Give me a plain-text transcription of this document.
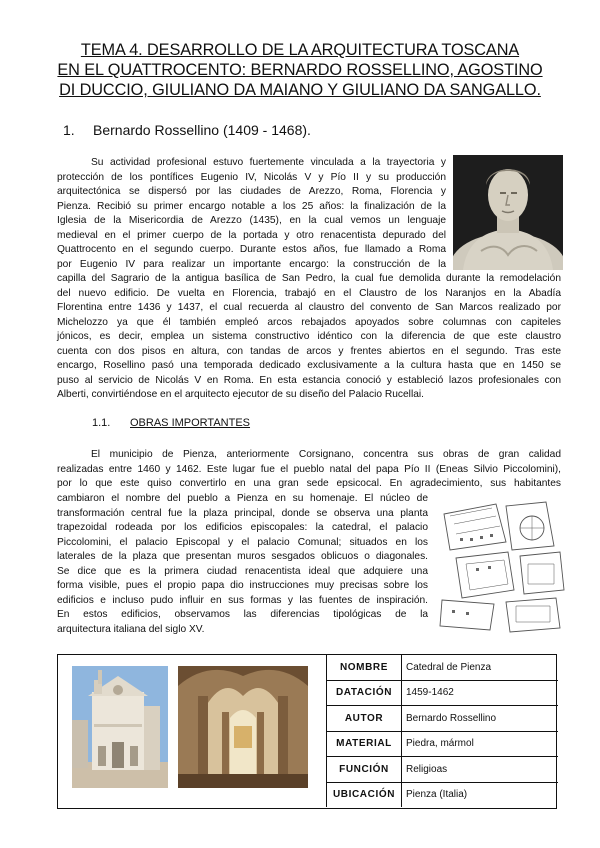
TEMA 4. DESARROLLO DE LA ARQUITECTURA TOSCANA
EN EL QUATTROCENTO: BERNARDO ROSSELLINO, AGOSTINO
DI DUCCIO, GIULIANO DA MAIANO Y GIULIANO DA SANGALLO.
1. Bernardo Rossellino (1409 - 1468).

Su actividad profesional estuvo fuertemente vinculada a la trayectoria y
protección de los pontífices Eugenio IV, Nicolás V y Pío II y su producción
arquitectónica se dispersó por las ciudades de Arezzo, Roma, Florencia y
Pienza. Recibió su primer encargo notable a los 25 años: la finalización de la
Iglesia de la Misericordia de Arezzo (1435), en la cual vemos un lenguaje
medieval en el primer cuerpo de la portada y otro renacentista depurado del
Quattrocento en el segundo cuerpo. Durante estos años, fue llamado a Roma
por Eugenio IV para realizar un importante encargo: la construcción de la

capilla del Sagrario de la antigua basílica de San Pedro, la cual fue demolida durante la remodelación
del nuevo edificio. De vuelta en Florencia, trabajó en el Claustro de los Naranjos en la Abadía
Florentina entre 1436 y 1437, el cual recuerda al claustro del convento de San Marcos realizado por
Michelozzo ya que él también empleó arcos rebajados apoyados sobre columnas con capiteles
jónicos, es decir, emplea un sistema constructivo idéntico con la diferencia de que este claustro
cuenta con dos pisos en altura, con tandas de arcos y frentes abiertos en el segundo. Tras este
encargo, Rosellino pasó una temporada dedicado exclusivamente a la cultura hasta que en 1450 se
puso al servicio de Nicolás V en Roma. En esta estancia conoció y estableció lazos profesionales con
Alberti, convirtiéndose en el arquitecto ejecutor de su diseño del Palacio Rucellai.

1.1. OBRAS IMPORTANTES

El municipio de Pienza, anteriormente Corsignano, concentra sus obras de gran calidad
realizadas entre 1460 y 1462. Este lugar fue el pueblo natal del papa Pío II (Eneas Silvio Piccolomini),
por lo que este quiso convertirlo en una gran sede epsicocal. En agradecimiento, sus habitantes

cambiaron el nombre del pueblo a Pienza en su homenaje. El núcleo de
transformación central fue la plaza principal, donde se observa una planta
trapezoidal rodeada por los edificios episcopales: la catedral, el palacio
Piccolomini, el palacio Episcopal y el palacio Comunal; situados en los
laterales de la plaza que presentan muros sesgados oblicuos o diagonales.
Se dice que es la primera ciudad renacentista ideal que adquiere una
forma visible, pues el propio papa dio instrucciones muy precisas sobre los
edificios e incluso pudo influir en sus formas y las fuentes de inspiración.
En estos edificios, observamos las diferencias tipológicas de la
arquitectura italiana del siglo XV.

NOMBRE	Catedral de Pienza
DATACIÓN	1459-1462
AUTOR	Bernardo Rossellino
MATERIAL	Piedra, mármol
FUNCIÓN	Religioas
UBICACIÓN	Pienza (Italia)
